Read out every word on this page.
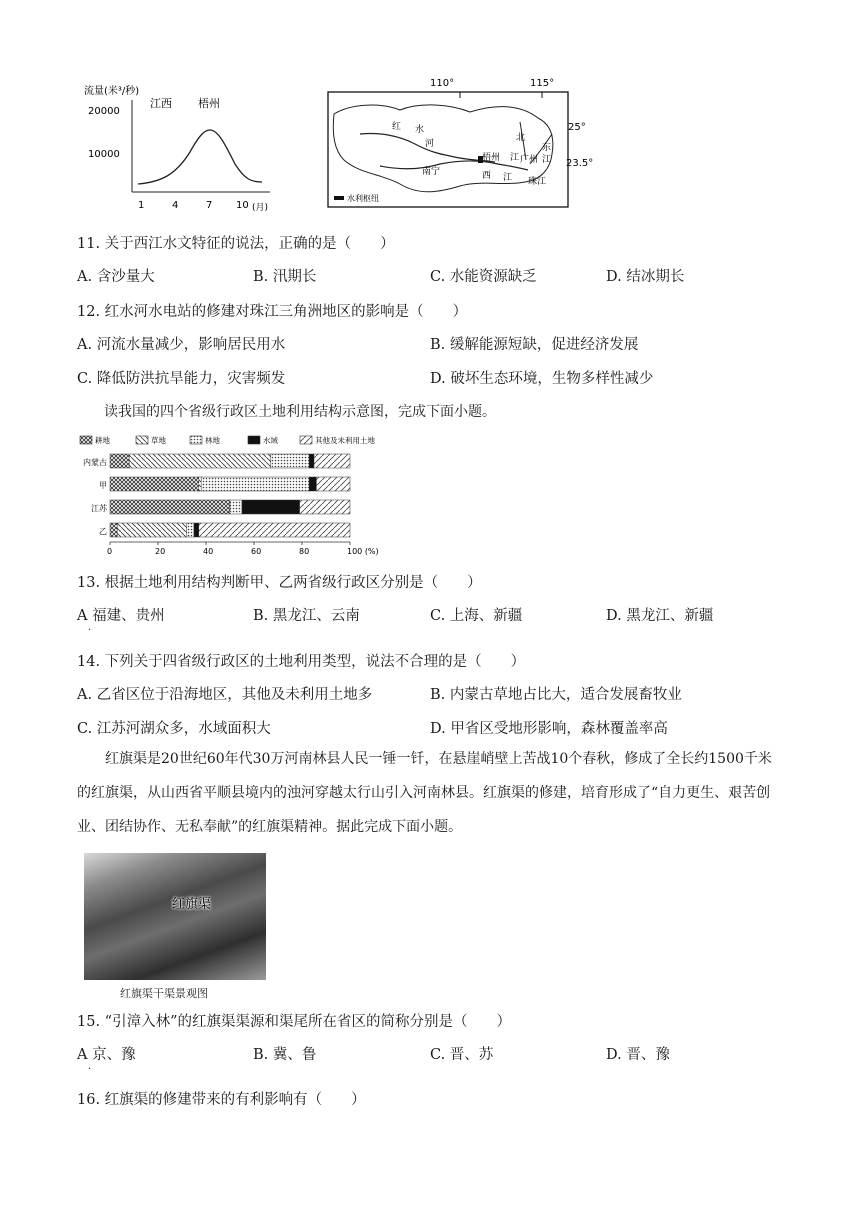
流量(米³/秒)
江西 梧州
20000
10000
1	4	7 10 (月)
110°	115°
红 水
河
南宁
梧州
西 江
北
江
东
江
广州
珠江
25°
23.5°
水利枢纽
11. 关于西江水文特征的说法，正确的是（　　）
A. 含沙量大	B. 汛期长	C. 水能资源缺乏	D. 结冰期长
12. 红水河水电站的修建对珠江三角洲地区的影响是（　　）
A. 河流水量减少，影响居民用水	B. 缓解能源短缺，促进经济发展
C. 降低防洪抗旱能力，灾害频发	D. 破坏生态环境，生物多样性减少
读我国的四个省级行政区土地利用结构示意图，完成下面小题。
耕地	草地	林地	水域	其他及未利用土地
内蒙古
甲
江苏
乙
0	20	40	60	80	100 (%)
13. 根据土地利用结构判断甲、乙两省级行政区分别是（　　）
A 福建、贵州
.
B. 黑龙江、云南	C. 上海、新疆	D. 黑龙江、新疆
14. 下列关于四省级行政区的土地利用类型，说法不合理的是（　　）
A. 乙省区位于沿海地区，其他及未利用土地多	B. 内蒙古草地占比大，适合发展畜牧业
C. 江苏河湖众多，水域面积大	D. 甲省区受地形影响，森林覆盖率高
红旗渠是20世纪60年代30万河南林县人民一锤一钎，在悬崖峭壁上苦战10个春秋，修成了全长约1500千米的红旗渠，从山西省平顺县境内的浊河穿越太行山引入河南林县。红旗渠的修建，培育形成了“自力更生、艰苦创业、团结协作、无私奉献”的红旗渠精神。据此完成下面小题。
红旗渠
红旗渠干渠景观图
15. “引漳入林”的红旗渠渠源和渠尾所在省区的简称分别是（　　）
A 京、豫
.
B. 冀、鲁	C. 晋、苏	D. 晋、豫
16. 红旗渠的修建带来的有利影响有（　　）
